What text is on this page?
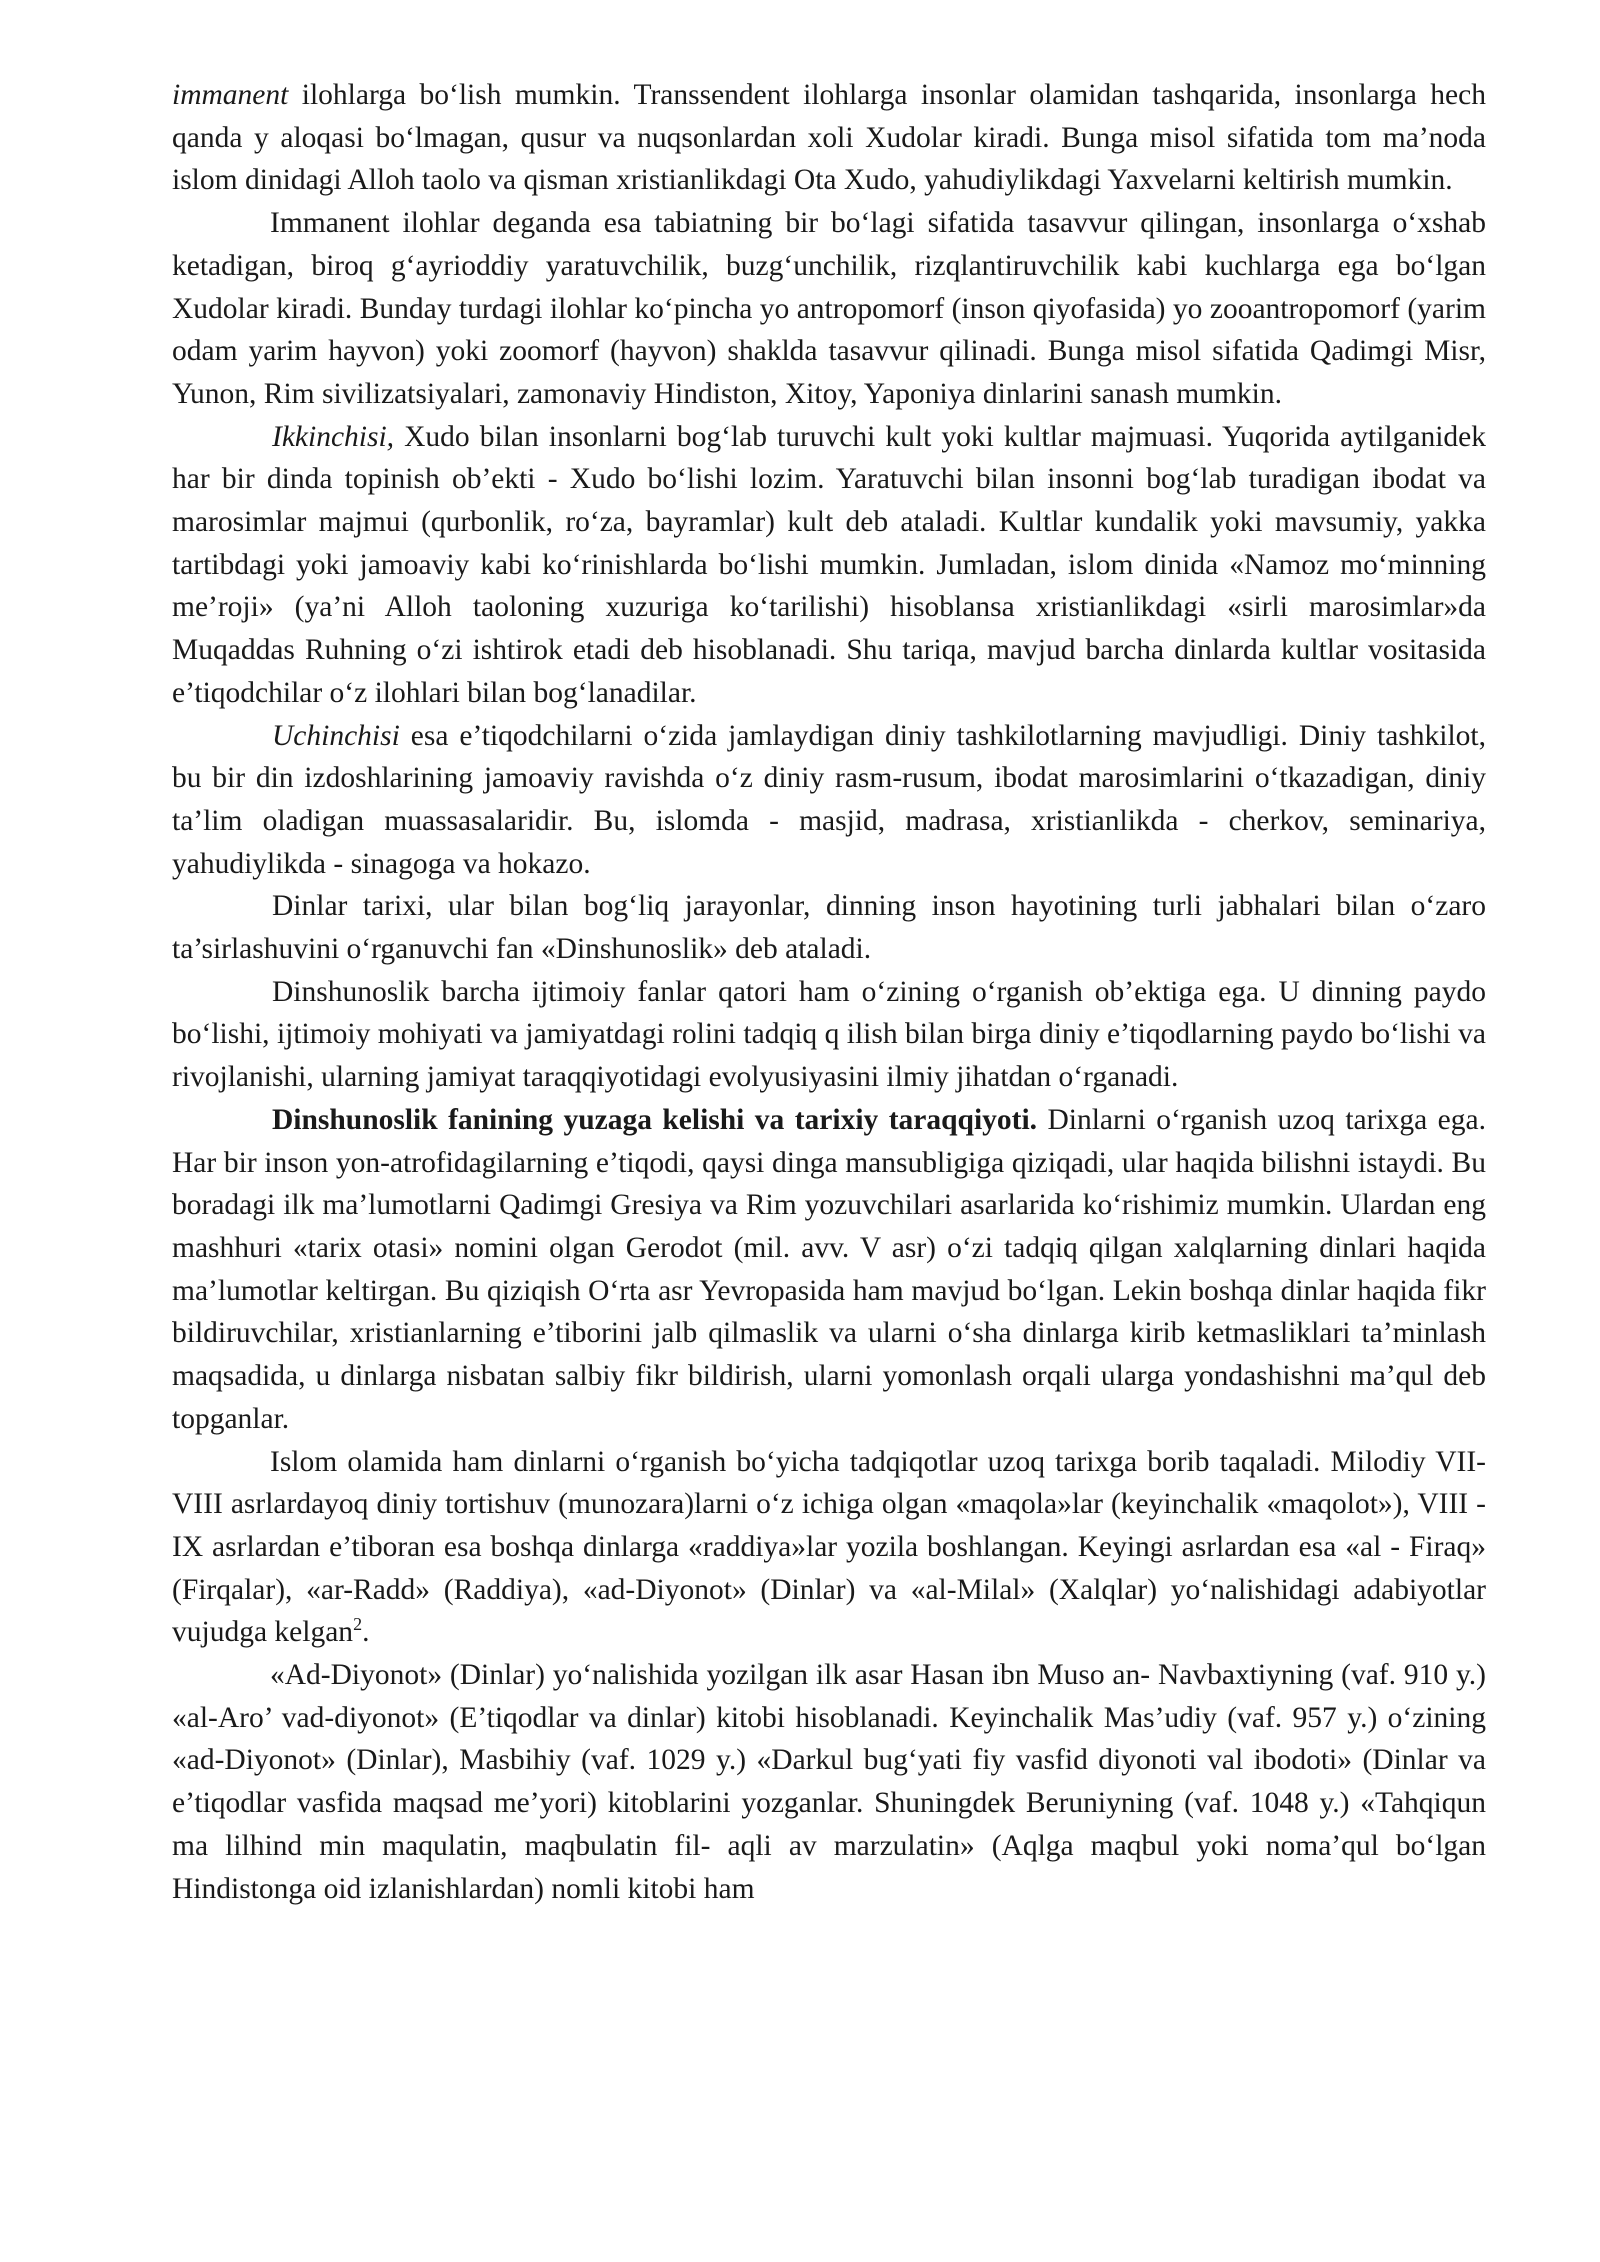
immanent ilohlarga bo‘lish mumkin. Transsendent ilohlarga insonlar olamidan tashqarida, insonlarga hech qanda y aloqasi bo‘lmagan, qusur va nuqsonlardan xoli Xudolar kiradi. Bunga misol sifatida tom ma’noda islom dinidagi Alloh taolo va qisman xristianlikdagi Ota Xudo, yahudiylikdagi Yaxvelarni keltirish mumkin.

Immanent ilohlar deganda esa tabiatning bir bo‘lagi sifatida tasavvur qilingan, insonlarga o‘xshab ketadigan, biroq g‘ayrioddiy yaratuvchilik, buzg‘unchilik, rizqlantiruvchilik kabi kuchlarga ega bo‘lgan Xudolar kiradi. Bunday turdagi ilohlar ko‘pincha yo antropomorf (inson qiyofasida) yo zooantropomorf (yarim odam yarim hayvon) yoki zoomorf (hayvon) shaklda tasavvur qilinadi. Bunga misol sifatida Qadimgi Misr, Yunon, Rim sivilizatsiyalari, zamonaviy Hindiston, Xitoy, Yaponiya dinlarini sanash mumkin.

Ikkinchisi, Xudo bilan insonlarni bog‘lab turuvchi kult yoki kultlar majmuasi. Yuqorida aytilganidek har bir dinda topinish ob’ekti - Xudo bo‘lishi lozim. Yaratuvchi bilan insonni bog‘lab turadigan ibodat va marosimlar majmui (qurbonlik, ro‘za, bayramlar) kult deb ataladi. Kultlar kundalik yoki mavsumiy, yakka tartibdagi yoki jamoaviy kabi ko‘rinishlarda bo‘lishi mumkin. Jumladan, islom dinida «Namoz mo‘minning me’roji» (ya’ni Alloh taoloning xuzuriga ko‘tarilishi) hisoblansa xristianlikdagi «sirli marosimlar»da Muqaddas Ruhning o‘zi ishtirok etadi deb hisoblanadi. Shu tariqa, mavjud barcha dinlarda kultlar vositasida e’tiqodchilar o‘z ilohlari bilan bog‘lanadilar.

Uchinchisi esa e’tiqodchilarni o‘zida jamlaydigan diniy tashkilotlarning mavjudligi. Diniy tashkilot, bu bir din izdoshlarining jamoaviy ravishda o‘z diniy rasm-rusum, ibodat marosimlarini o‘tkazadigan, diniy ta’lim oladigan muassasalaridir. Bu, islomda - masjid, madrasa, xristianlikda - cherkov, seminariya, yahudiylikda - sinagoga va hokazo.

Dinlar tarixi, ular bilan bog‘liq jarayonlar, dinning inson hayotining turli jabhalari bilan o‘zaro ta’sirlashuvini o‘rganuvchi fan «Dinshunoslik» deb ataladi.

Dinshunoslik barcha ijtimoiy fanlar qatori ham o‘zining o‘rganish ob’ektiga ega. U dinning paydo bo‘lishi, ijtimoiy mohiyati va jamiyatdagi rolini tadqiq q ilish bilan birga diniy e’tiqodlarning paydo bo‘lishi va rivojlanishi, ularning jamiyat taraqqiyotidagi evolyusiyasini ilmiy jihatdan o‘rganadi.

Dinshunoslik fanining yuzaga kelishi va tarixiy taraqqiyoti. Dinlarni o‘rganish uzoq tarixga ega. Har bir inson yon-atrofidagilarning e’tiqodi, qaysi dinga mansubligiga qiziqadi, ular haqida bilishni istaydi. Bu boradagi ilk ma’lumotlarni Qadimgi Gresiya va Rim yozuvchilari asarlarida ko‘rishimiz mumkin. Ulardan eng mashhuri «tarix otasi» nomini olgan Gerodot (mil. avv. V asr) o‘zi tadqiq qilgan xalqlarning dinlari haqida ma’lumotlar keltirgan. Bu qiziqish O‘rta asr Yevropasida ham mavjud bo‘lgan. Lekin boshqa dinlar haqida fikr bildiruvchilar, xristianlarning e’tiborini jalb qilmaslik va ularni o‘sha dinlarga kirib ketmasliklari ta’minlash maqsadida, u dinlarga nisbatan salbiy fikr bildirish, ularni yomonlash orqali ularga yondashishni ma’qul deb topganlar.

Islom olamida ham dinlarni o‘rganish bo‘yicha tadqiqotlar uzoq tarixga borib taqaladi. Milodiy VII-VIII asrlardayoq diniy tortishuv (munozara)larni o‘z ichiga olgan «maqola»lar (keyinchalik «maqolot»), VIII -IX asrlardan e’tiboran esa boshqa dinlarga «raddiya»lar yozila boshlangan. Keyingi asrlardan esa «al - Firaq» (Firqalar), «ar-Radd» (Raddiya), «ad-Diyonot» (Dinlar) va «al-Milal» (Xalqlar) yo‘nalishidagi adabiyotlar vujudga kelgan$^2$.

«Ad-Diyonot» (Dinlar) yo‘nalishida yozilgan ilk asar Hasan ibn Muso an- Navbaxtiyning (vaf. 910 y.) «al-Aro’ vad-diyonot» (E’tiqodlar va dinlar) kitobi hisoblanadi. Keyinchalik Mas’udiy (vaf. 957 y.) o‘zining «ad-Diyonot» (Dinlar), Masbihiy (vaf. 1029 y.) «Darkul bug‘yati fiy vasfid diyonoti val ibodoti» (Dinlar va e’tiqodlar vasfida maqsad me’yori) kitoblarini yozganlar. Shuningdek Beruniyning (vaf. 1048 y.) «Tahqiqun ma lilhind min maqulatin, maqbulatin fil- aqli av marzulatin» (Aqlga maqbul yoki noma’qul bo‘lgan Hindistonga oid izlanishlardan) nomli kitobi ham
